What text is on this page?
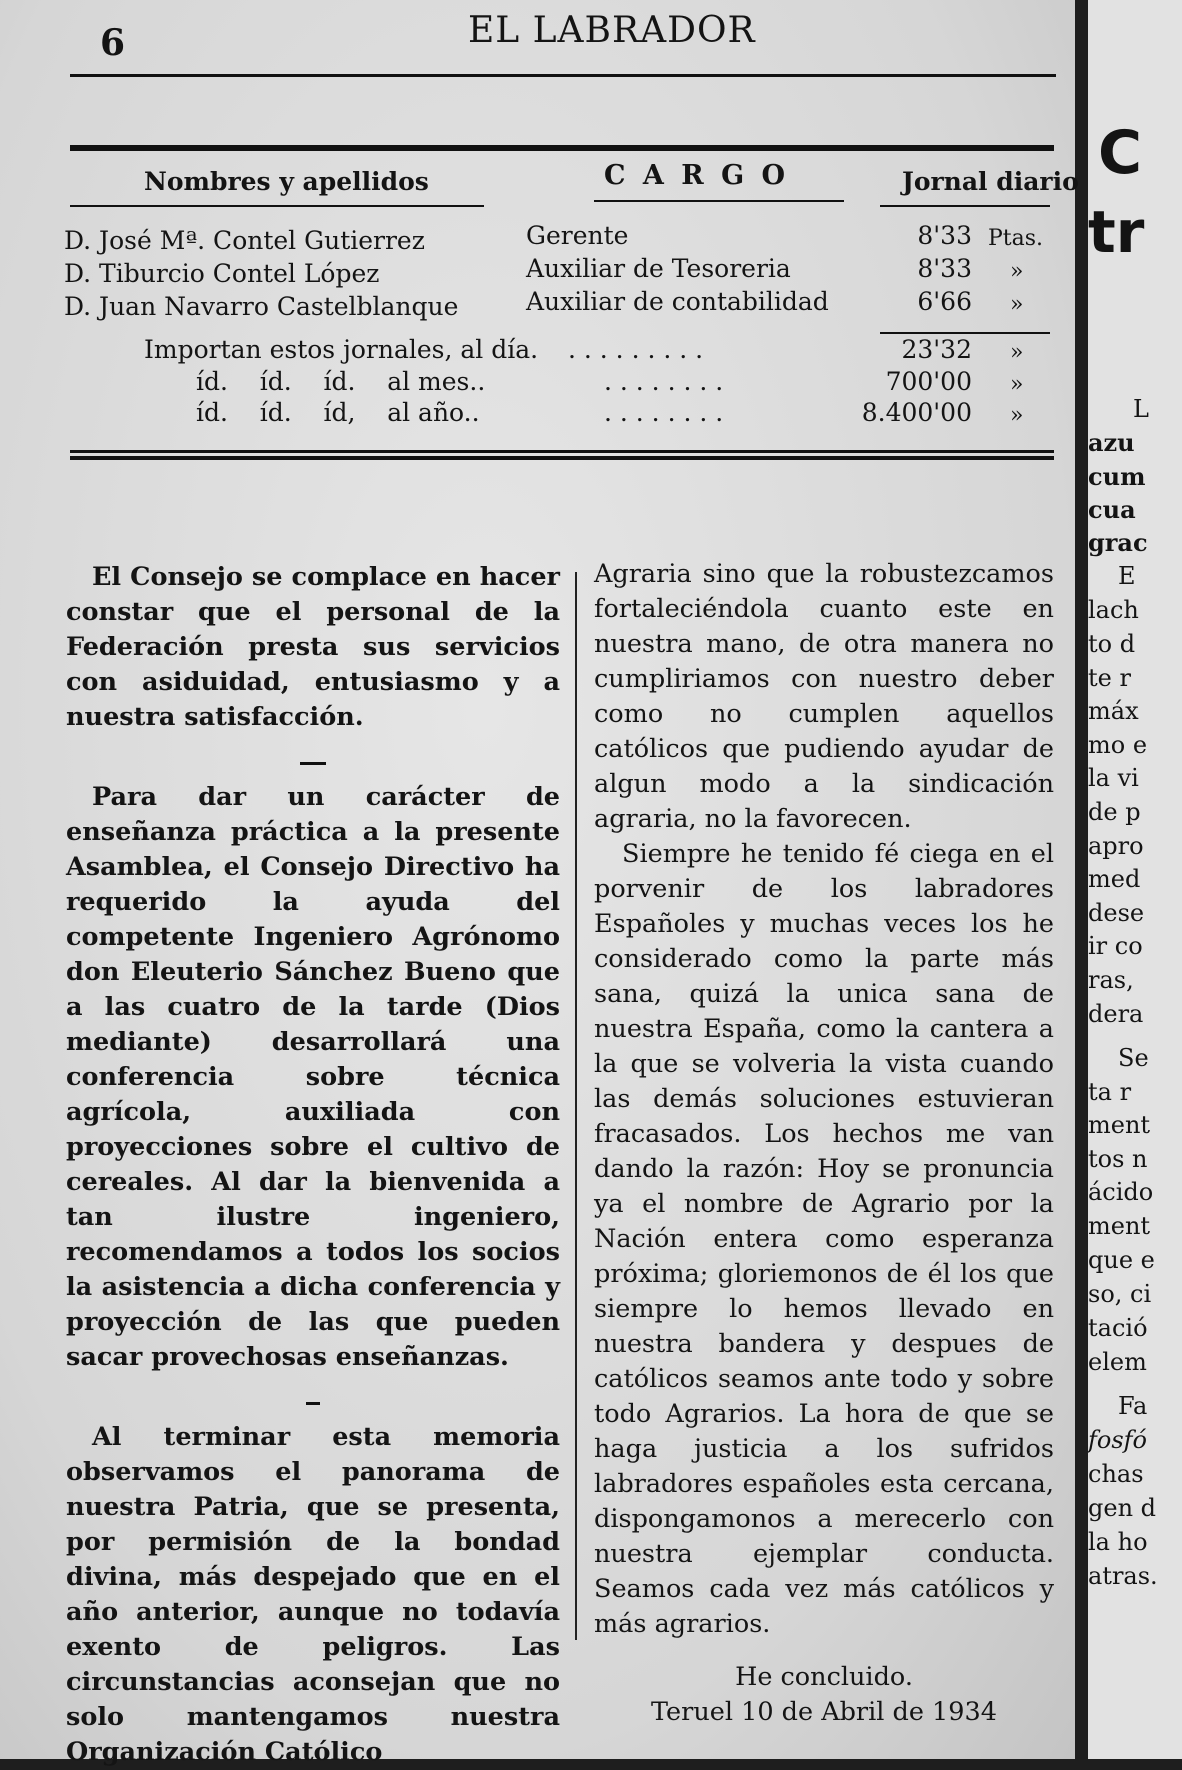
6	EL LABRADOR
Nombres y apellidos	C A R G O	Jornal diario
D. José Mª. Contel Gutierrez	Gerente	8'33 Ptas.
D. Tiburcio Contel López	Auxiliar de Tesoreria	8'33 »
D. Juan Navarro Castelblanque	Auxiliar de contabilidad	6'66 »
Importan estos jornales, al día. . . . . . . . . .	23'32 »
íd.    íd.    íd.    al mes..	. . . . . . . .	700'00 »
íd.    íd.    íd,    al año..	. . . . . . . .	8.400'00 »

El Consejo se complace en hacer constar que el personal de la Federación presta sus servicios con asiduidad, entusiasmo y a nuestra satisfacción.

Para dar un carácter de enseñanza práctica a la presente Asamblea, el Consejo Directivo ha requerido la ayuda del competente Ingeniero Agrónomo don Eleuterio Sánchez Bueno que a las cuatro de la tarde (Dios mediante) desarrollará una conferencia sobre técnica agrícola, auxiliada con proyecciones sobre el cultivo de cereales. Al dar la bienvenida a tan ilustre ingeniero, recomendamos a todos los socios la asistencia a dicha conferencia y proyección de las que pueden sacar provechosas enseñanzas.

Al terminar esta memoria observamos el panorama de nuestra Patria, que se presenta, por permisión de la bondad divina, más despejado que en el año anterior, aunque no todavía exento de peligros. Las circunstancias aconsejan que no solo mantengamos nuestra Organización Católico

Agraria sino que la robustezcamos fortaleciéndola cuanto este en nuestra mano, de otra manera no cumpliriamos con nuestro deber como no cumplen aquellos católicos que pudiendo ayudar de algun modo a la sindicación agraria, no la favorecen.

Siempre he tenido fé ciega en el porvenir de los labradores Españoles y muchas veces los he considerado como la parte más sana, quizá la unica sana de nuestra España, como la cantera a la que se volveria la vista cuando las demás soluciones estuvieran fracasados. Los hechos me van dando la razón: Hoy se pronuncia ya el nombre de Agrario por la Nación entera como esperanza próxima; gloriemonos de él los que siempre lo hemos llevado en nuestra bandera y despues de católicos seamos ante todo y sobre todo Agrarios. La hora de que se haga justicia a los sufridos labradores españoles esta cercana, dispongamonos a merecerlo con nuestra ejemplar conducta. Seamos cada vez más católicos y más agrarios.

He concluido.

Teruel 10 de Abril de 1934

C
tr
L
azu
cum
cua
grac
E
lach
to d
te r
máx
mo e
la vi
de p
apro
med
dese
ir co
ras,
dera
Se
ta r
ment
tos n
ácido
ment
que e
so, ci
tació
elem
Fa
fosfó
chas
gen d
la ho
atras.
